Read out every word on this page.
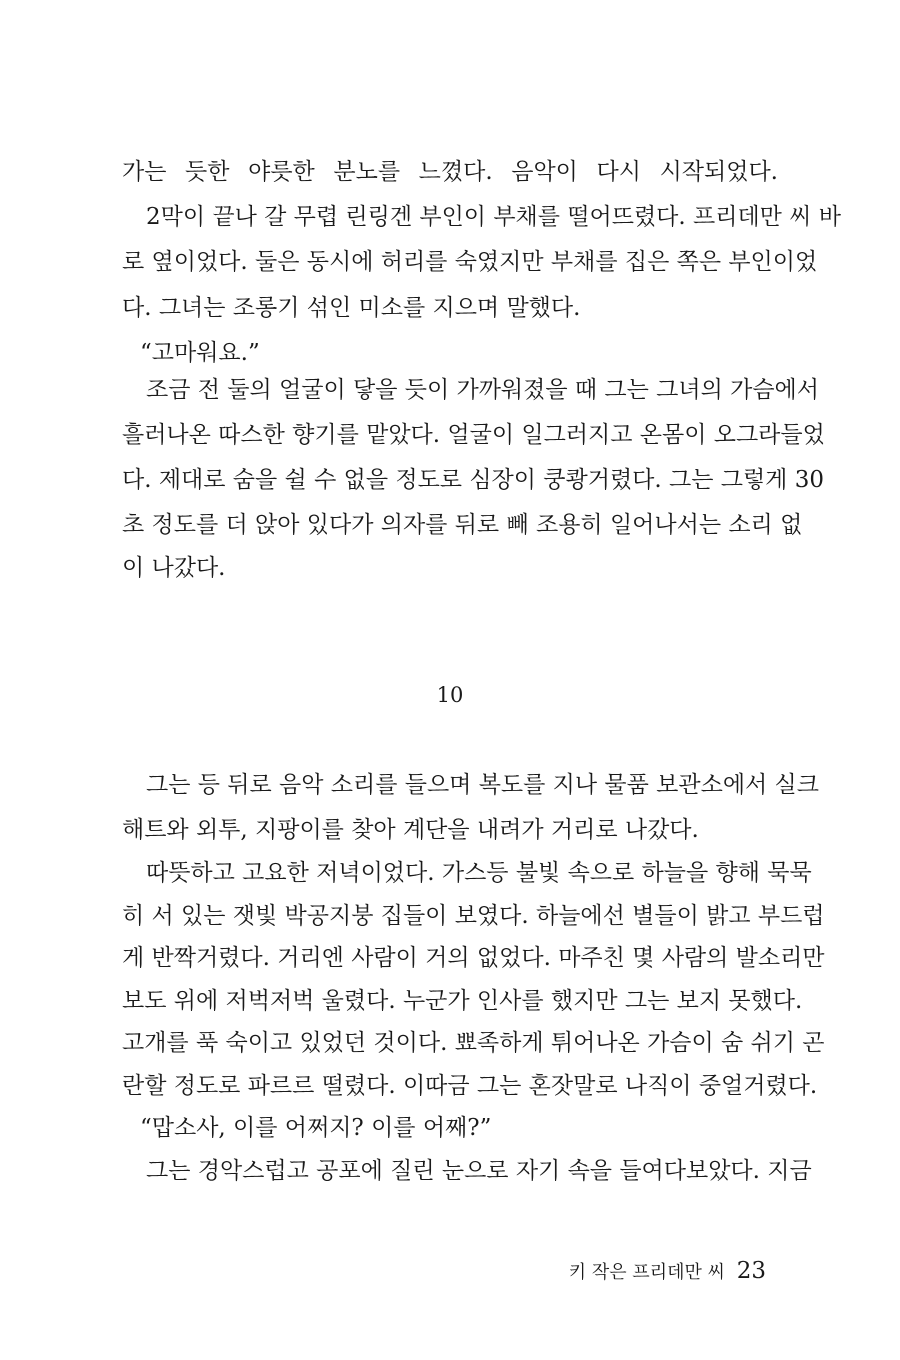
가는 듯한 야릇한 분노를 느꼈다. 음악이 다시 시작되었다.
2막이 끝나 갈 무렵 린링겐 부인이 부채를 떨어뜨렸다. 프리데만 씨 바
로 옆이었다. 둘은 동시에 허리를 숙였지만 부채를 집은 쪽은 부인이었
다. 그녀는 조롱기 섞인 미소를 지으며 말했다.
“고마워요.”
조금 전 둘의 얼굴이 닿을 듯이 가까워졌을 때 그는 그녀의 가슴에서
흘러나온 따스한 향기를 맡았다. 얼굴이 일그러지고 온몸이 오그라들었
다. 제대로 숨을 쉴 수 없을 정도로 심장이 쿵쾅거렸다. 그는 그렇게 30
초 정도를 더 앉아 있다가 의자를 뒤로 빼 조용히 일어나서는 소리 없
이 나갔다.
10
그는 등 뒤로 음악 소리를 들으며 복도를 지나 물품 보관소에서 실크
해트와 외투, 지팡이를 찾아 계단을 내려가 거리로 나갔다.
따뜻하고 고요한 저녁이었다. 가스등 불빛 속으로 하늘을 향해 묵묵
히 서 있는 잿빛 박공지붕 집들이 보였다. 하늘에선 별들이 밝고 부드럽
게 반짝거렸다. 거리엔 사람이 거의 없었다. 마주친 몇 사람의 발소리만
보도 위에 저벅저벅 울렸다. 누군가 인사를 했지만 그는 보지 못했다.
고개를 푹 숙이고 있었던 것이다. 뾰족하게 튀어나온 가슴이 숨 쉬기 곤
란할 정도로 파르르 떨렸다. 이따금 그는 혼잣말로 나직이 중얼거렸다.
“맙소사, 이를 어쩌지? 이를 어째?”
그는 경악스럽고 공포에 질린 눈으로 자기 속을 들여다보았다. 지금
키 작은 프리데만 씨 23
